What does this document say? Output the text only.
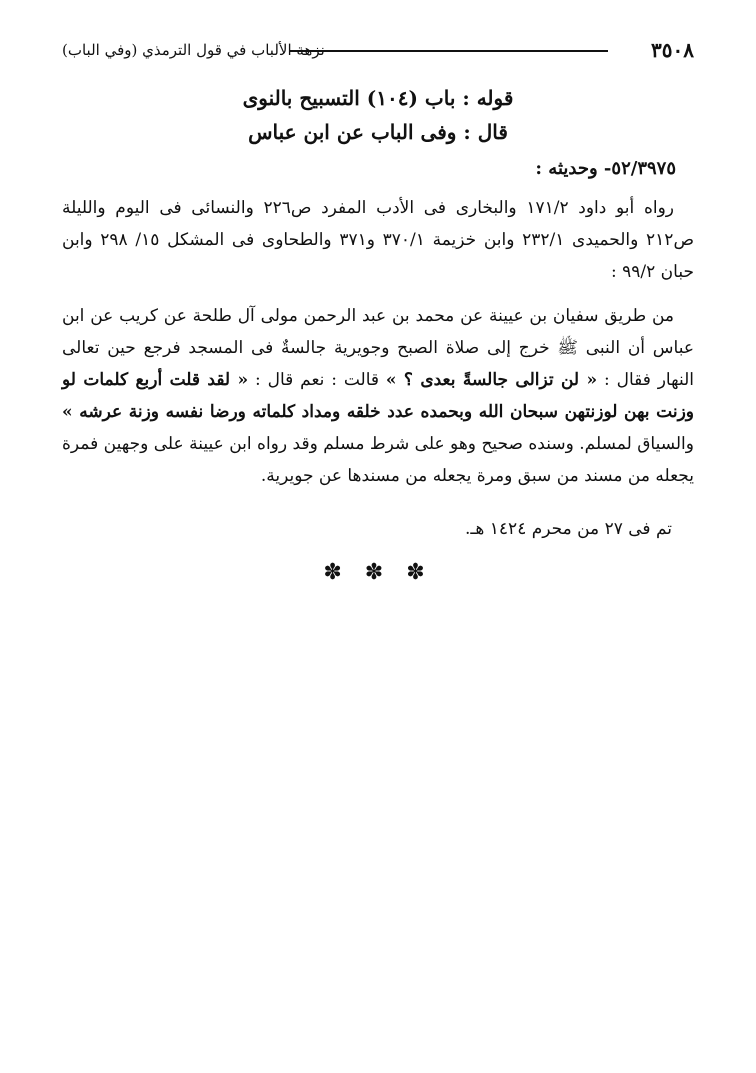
٣٥٠٨
نزهة الألباب في قول الترمذي (وفي الباب)
قوله : باب (١٠٤) التسبيح بالنوى
قال : وفى الباب عن ابن عباس
٥٢/٣٩٧٥- وحديثه :
رواه أبو داود ١٧١/٢ والبخارى فى الأدب المفرد ص٢٢٦ والنسائى فى اليوم والليلة ص٢١٢ والحميدى ٢٣٢/١ وابن خزيمة ٣٧٠/١ و٣٧١ والطحاوى فى المشكل ١٥/ ٢٩٨ وابن حبان ٩٩/٢ :
من طريق سفيان بن عيينة عن محمد بن عبد الرحمن مولى آل طلحة عن كريب عن ابن عباس أن النبى ﷺ خرج إلى صلاة الصبح وجويرية جالسةٌ فى المسجد فرجع حين تعالى النهار فقال : « لن تزالى جالسةً بعدى ؟ » قالت : نعم قال : « لقد قلت أربع كلمات لو وزنت بهن لوزنتهن سبحان الله وبحمده عدد خلقه ومداد كلماته ورضا نفسه وزنة عرشه » والسياق لمسلم. وسنده صحيح وهو على شرط مسلم وقد رواه ابن عيينة على وجهين فمرة يجعله من مسند من سبق ومرة يجعله من مسندها عن جويرية.
تم فى ٢٧ من محرم ١٤٢٤ هـ.
✽ ✽ ✽
